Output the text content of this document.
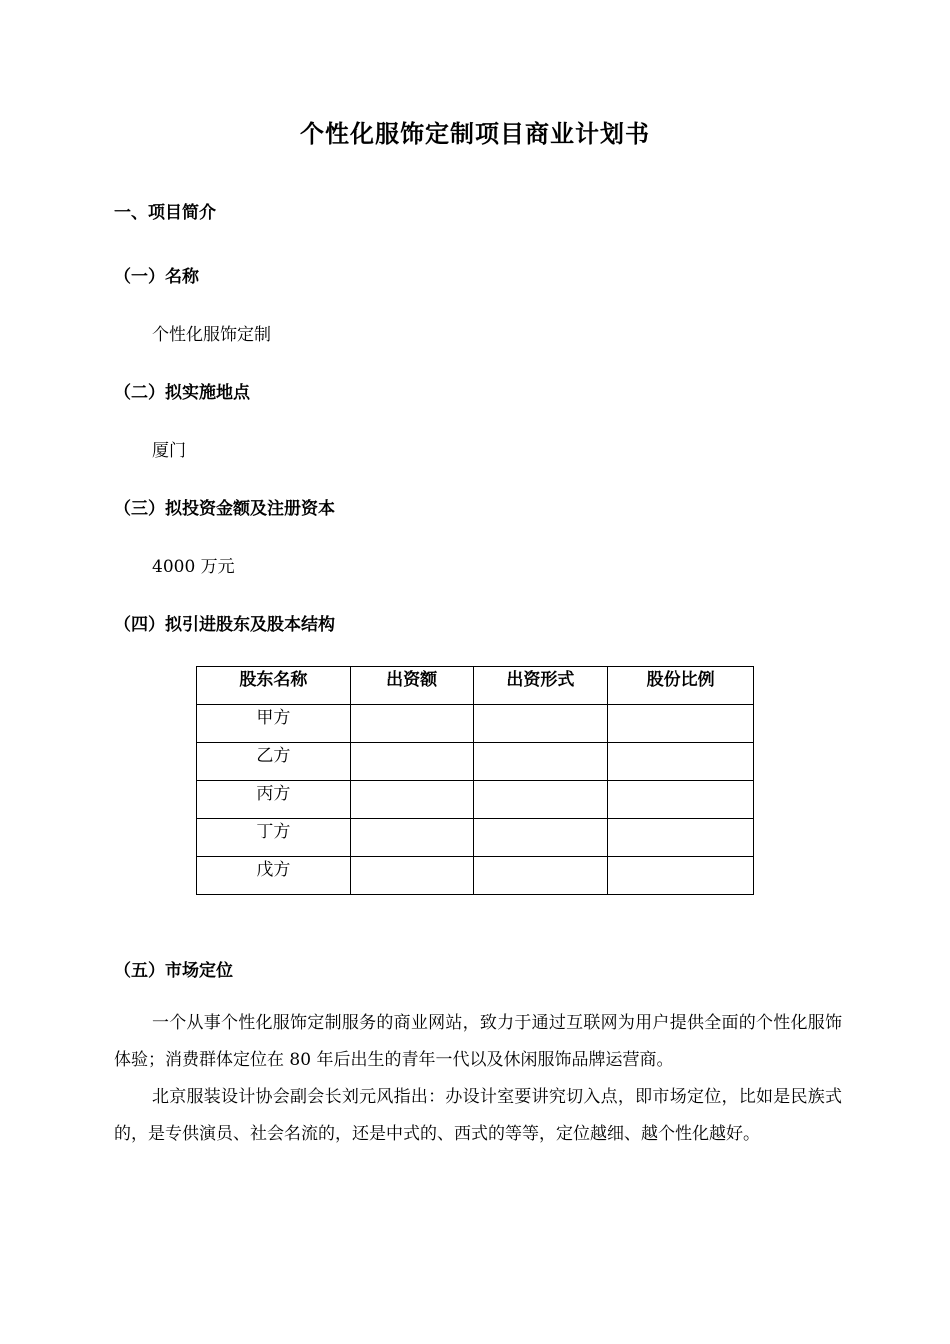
个性化服饰定制项目商业计划书
一、项目简介
（一）名称
个性化服饰定制
（二）拟实施地点
厦门
（三）拟投资金额及注册资本
4000 万元
（四）拟引进股东及股本结构
股东名称	出资额	出资形式	股份比例
甲方			
乙方			
丙方			
丁方			
戊方			
（五）市场定位
一个从事个性化服饰定制服务的商业网站，致力于通过互联网为用户提供全面的个性化服饰体验；消费群体定位在 80 年后出生的青年一代以及休闲服饰品牌运营商。
北京服装设计协会副会长刘元风指出：办设计室要讲究切入点，即市场定位，比如是民族式的，是专供演员、社会名流的，还是中式的、西式的等等，定位越细、越个性化越好。
